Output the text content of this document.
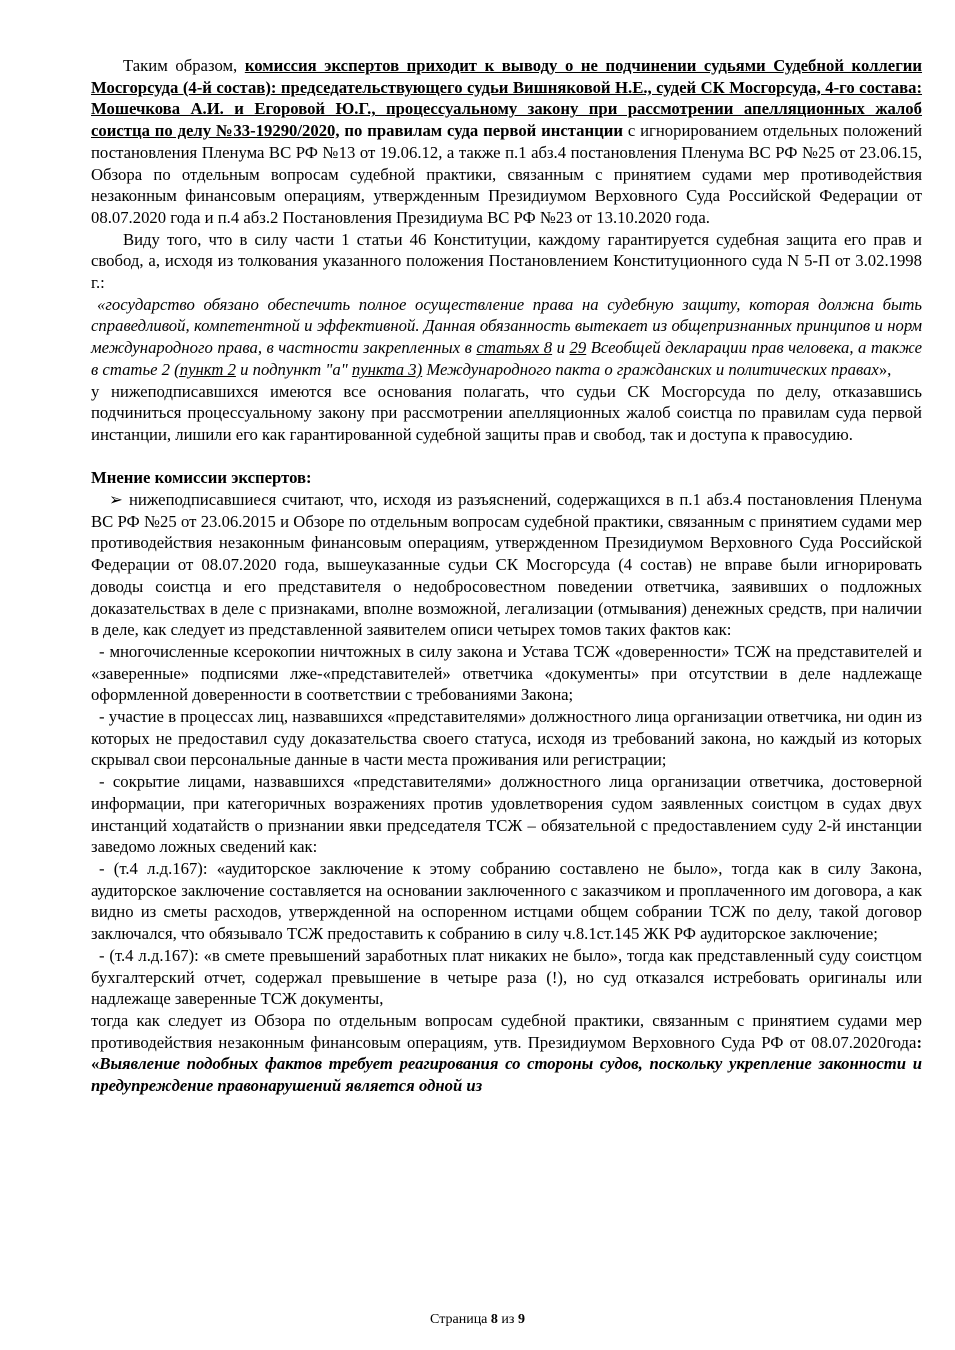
Таким образом, комиссия экспертов приходит к выводу о не подчинении судьями Судебной коллегии Мосгорсуда (4-й состав): председательствующего судьи Вишняковой Н.Е., судей СК Мосгорсуда, 4-го состава: Мошечкова А.И. и Егоровой Ю.Г., процессуальному закону при рассмотрении апелляционных жалоб соистца по делу №33-19290/2020, по правилам суда первой инстанции с игнорированием отдельных положений постановления Пленума ВС РФ №13 от 19.06.12, а также п.1 абз.4 постановления Пленума ВС РФ №25 от 23.06.15, Обзора по отдельным вопросам судебной практики, связанным с принятием судами мер противодействия незаконным финансовым операциям, утвержденным Президиумом Верховного Суда Российской Федерации от 08.07.2020 года и п.4 абз.2 Постановления Президиума ВС РФ №23 от 13.10.2020 года.

Виду того, что в силу части 1 статьи 46 Конституции, каждому гарантируется судебная защита его прав и свобод, а, исходя из толкования указанного положения Постановлением Конституционного суда N 5-П от 3.02.1998 г.:

«государство обязано обеспечить полное осуществление права на судебную защиту, которая должна быть справедливой, компетентной и эффективной. Данная обязанность вытекает из общепризнанных принципов и норм международного права, в частности закрепленных в статьях 8 и 29 Всеобщей декларации прав человека, а также в статье 2 (пункт 2 и подпункт "а" пункта 3) Международного пакта о гражданских и политических правах»,

у нижеподписавшихся имеются все основания полагать, что судьи СК Мосгорсуда по делу, отказавшись подчиниться процессуальному закону при рассмотрении апелляционных жалоб соистца по правилам суда первой инстанции, лишили его как гарантированной судебной защиты прав и свобод, так и доступа к правосудию.

Мнение комиссии экспертов:

➢ нижеподписавшиеся считают, что, исходя из разъяснений, содержащихся в п.1 абз.4 постановления Пленума ВС РФ №25 от 23.06.2015 и Обзоре по отдельным вопросам судебной практики, связанным с принятием судами мер противодействия незаконным финансовым операциям, утвержденном Президиумом Верховного Суда Российской Федерации от 08.07.2020 года, вышеуказанные судьи СК Мосгорсуда (4 состав) не вправе были игнорировать доводы соистца и его представителя о недобросовестном поведении ответчика, заявивших о подложных доказательствах в деле с признаками, вполне возможной, легализации (отмывания) денежных средств, при наличии в деле, как следует из представленной заявителем описи четырех томов таких фактов как:

- многочисленные ксерокопии ничтожных в силу закона и Устава ТСЖ «доверенности» ТСЖ на представителей и «заверенные» подписями лже-«представителей» ответчика «документы» при отсутствии в деле надлежаще оформленной доверенности в соответствии с требованиями Закона;

- участие в процессах лиц, назвавшихся «представителями» должностного лица организации ответчика, ни один из которых не предоставил суду доказательства своего статуса, исходя из требований закона, но каждый из которых скрывал свои персональные данные в части места проживания или регистрации;

- сокрытие лицами, назвавшихся «представителями» должностного лица организации ответчика, достоверной информации, при категоричных возражениях против удовлетворения судом заявленных соистцом в судах двух инстанций ходатайств о признании явки председателя ТСЖ – обязательной с предоставлением суду 2-й инстанции заведомо ложных сведений как:

- (т.4 л.д.167): «аудиторское заключение к этому собранию составлено не было», тогда как в силу Закона, аудиторское заключение составляется на основании заключенного с заказчиком и проплаченного им договора, а как видно из сметы расходов, утвержденной на оспоренном истцами общем собрании ТСЖ по делу, такой договор заключался, что обязывало ТСЖ предоставить к собранию в силу ч.8.1ст.145 ЖК РФ аудиторское заключение;

- (т.4 л.д.167): «в смете превышений заработных плат никаких не было», тогда как представленный суду соистцом бухгалтерский отчет, содержал превышение в четыре раза (!), но суд отказался истребовать оригиналы или надлежаще заверенные ТСЖ документы,

тогда как следует из Обзора по отдельным вопросам судебной практики, связанным с принятием судами мер противодействия незаконным финансовым операциям, утв. Президиумом Верховного Суда РФ от 08.07.2020года: «Выявление подобных фактов требует реагирования со стороны судов, поскольку укрепление законности и предупреждение правонарушений является одной из

Страница 8 из 9
